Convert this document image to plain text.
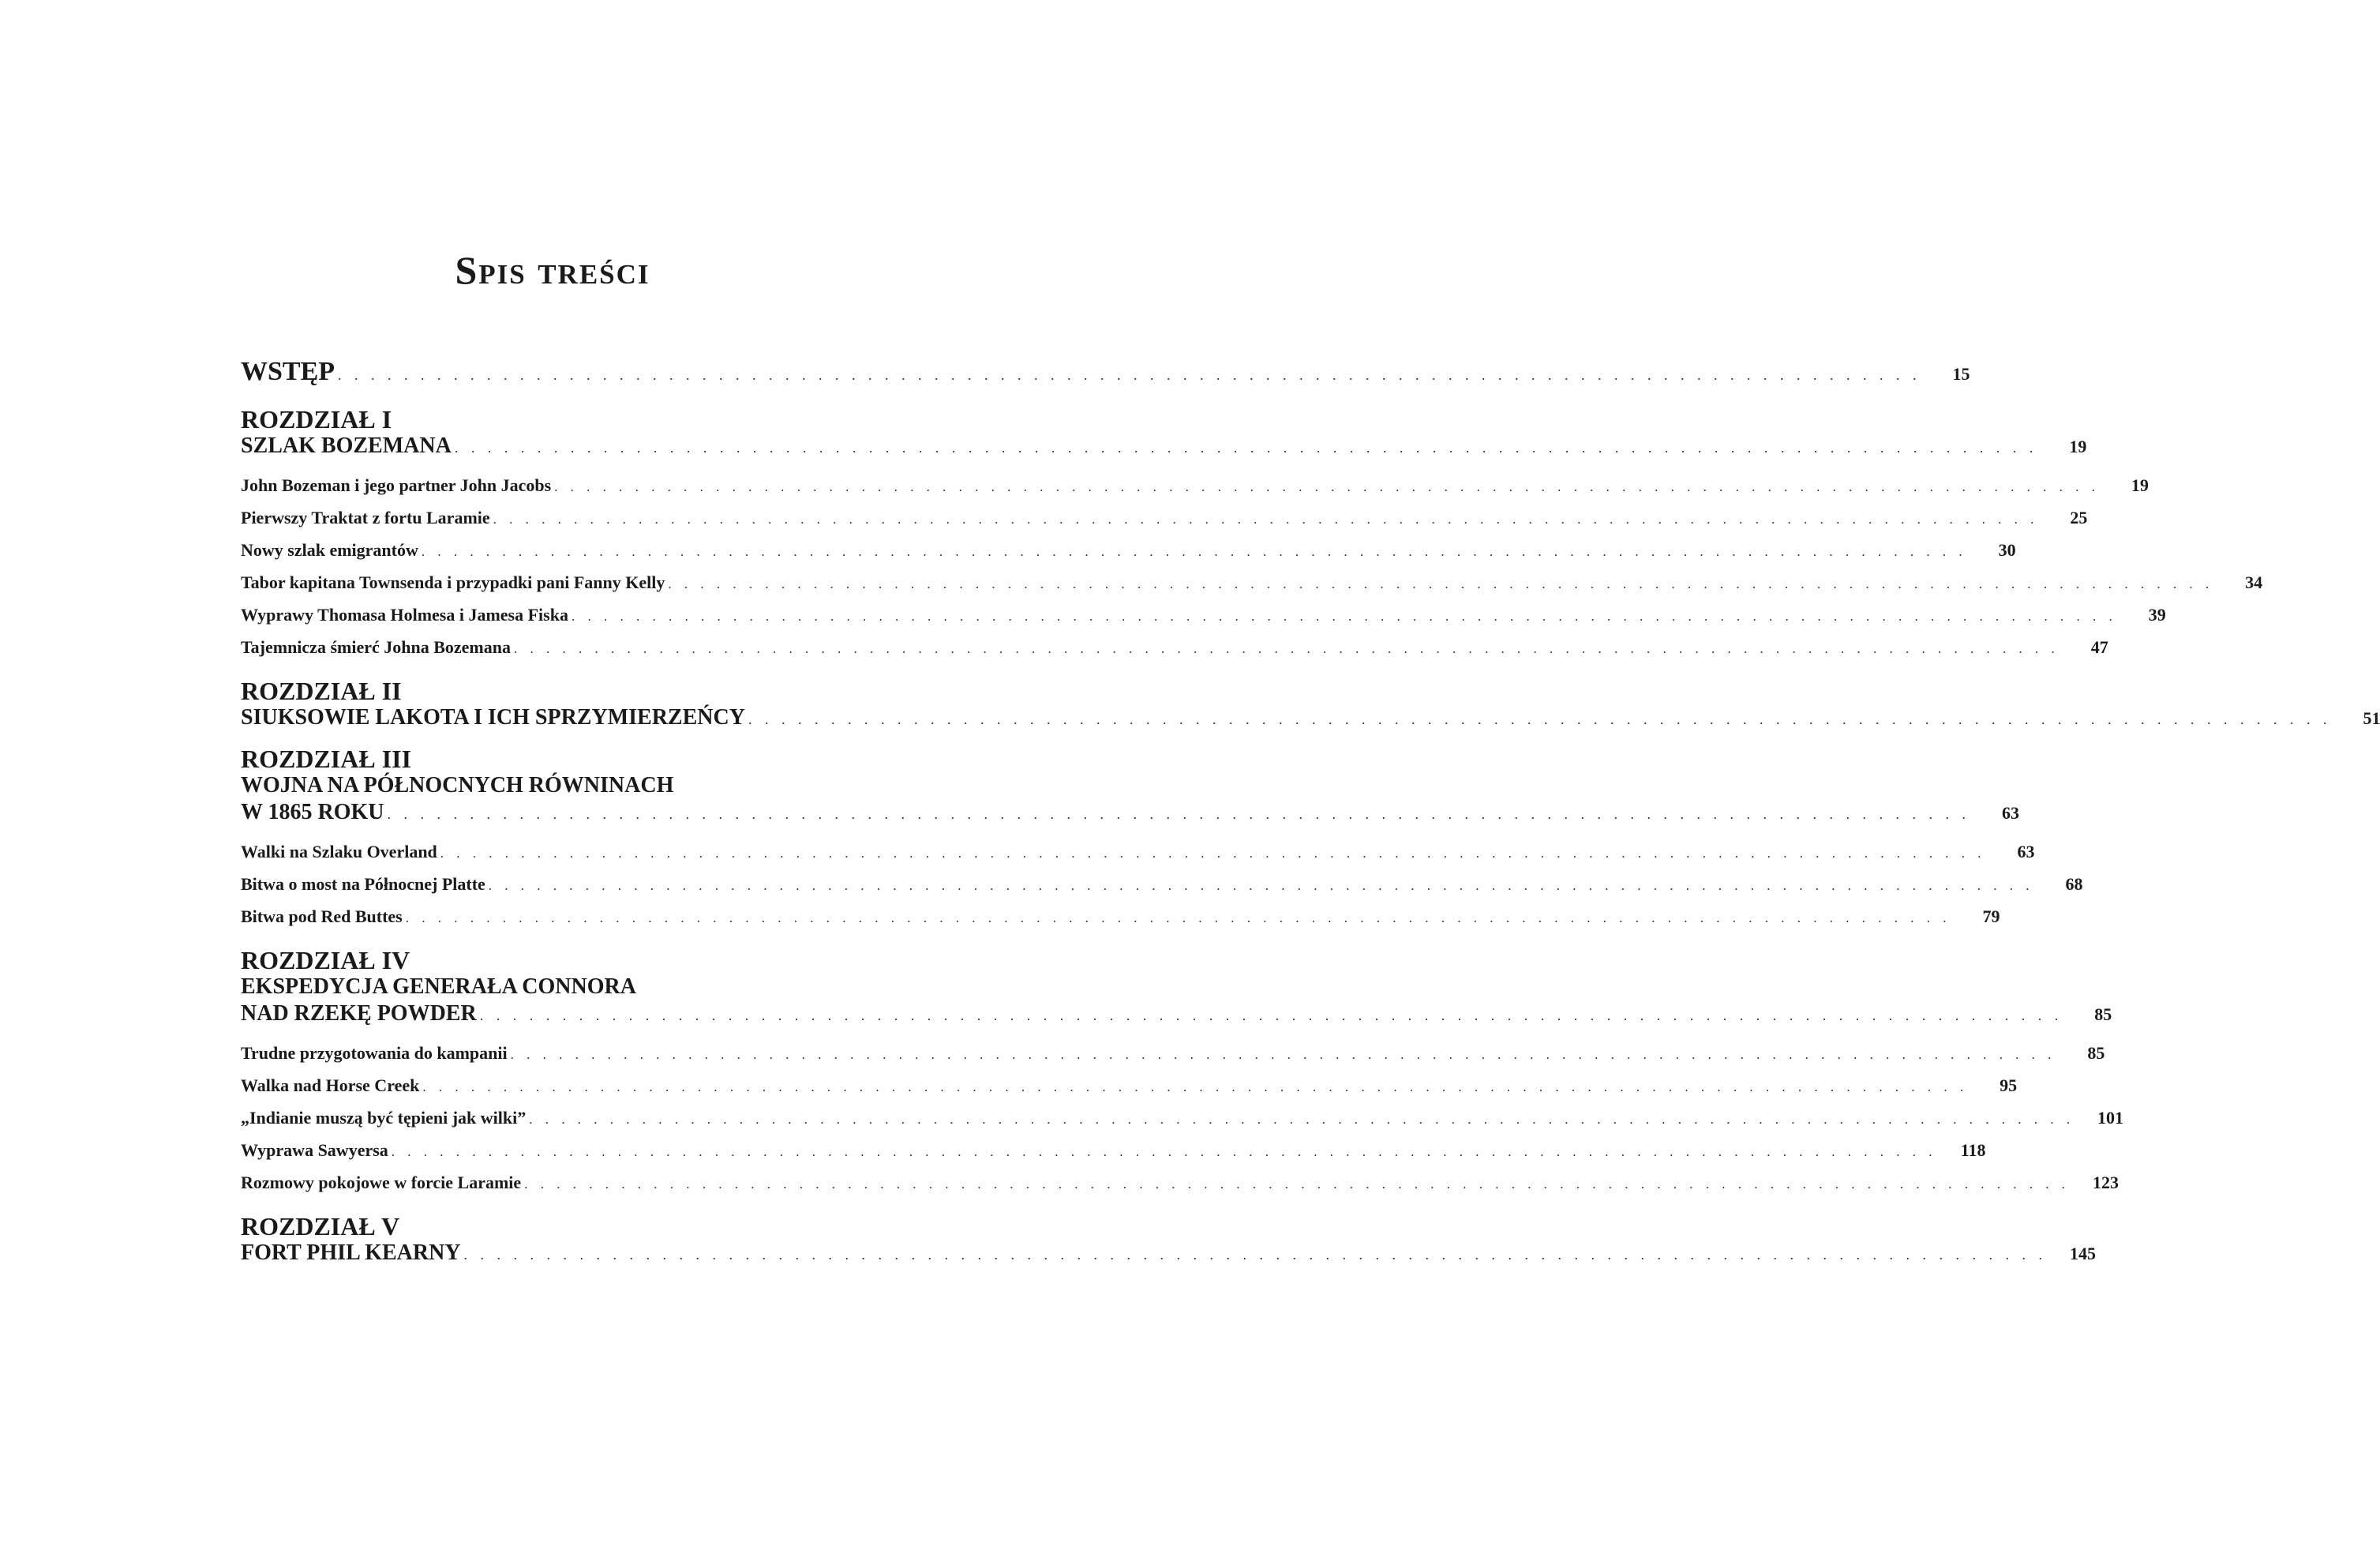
Spis treści
WSTĘP . . . . . . . . . . . . . . . . . . . . . . . . . . . . . . . . . . . . . . . . . . . . . . . . . . . . . . . . . . . . . . . . . . . . . . . . . . . . . . . . . . . . . . . . . . . . . . . .	15
ROZDZIAŁ I
SZLAK BOZEMANA . . . . . . . . . . . . . . . . . . . . . . . . . . . . . . . . . . . . . . . . . . . . . . . . . . . . . . . . . . . . . . . . . . . . . . . . . . . . . . . . . . . . . . . . . . . . . . . .	19
John Bozeman i jego partner John Jacobs . . . . . . . . . . . . . . . . . . . . . . . . . . . . . . . . . . . . . . . . . . . . . . . . . . . . . . . . . . . . . . . . . . . . . . . . . . . . . . . . . . . . . . . . . . . . . . . .	19
Pierwszy Traktat z fortu Laramie . . . . . . . . . . . . . . . . . . . . . . . . . . . . . . . . . . . . . . . . . . . . . . . . . . . . . . . . . . . . . . . . . . . . . . . . . . . . . . . . . . . . . . . . . . . . . . . .	25
Nowy szlak emigrantów . . . . . . . . . . . . . . . . . . . . . . . . . . . . . . . . . . . . . . . . . . . . . . . . . . . . . . . . . . . . . . . . . . . . . . . . . . . . . . . . . . . . . . . . . . . . . . . .	30
Tabor kapitana Townsenda i przypadki pani Fanny Kelly . . . . . . . . . . . . . . . . . . . . . . . . . . . . . . . . . . . . . . . . . . . . . . . . . . . . . . . . . . . . . . . . . . . . . . . . . . . . . . . . . . . . . . . . . . . . . . . .	34
Wyprawy Thomasa Holmesa i Jamesa Fiska . . . . . . . . . . . . . . . . . . . . . . . . . . . . . . . . . . . . . . . . . . . . . . . . . . . . . . . . . . . . . . . . . . . . . . . . . . . . . . . . . . . . . . . . . . . . . . . .	39
Tajemnicza śmierć Johna Bozemana . . . . . . . . . . . . . . . . . . . . . . . . . . . . . . . . . . . . . . . . . . . . . . . . . . . . . . . . . . . . . . . . . . . . . . . . . . . . . . . . . . . . . . . . . . . . . . . .	47
ROZDZIAŁ II
SIUKSOWIE LAKOTA I ICH SPRZYMIERZEŃCY . . . . . . . . . . . . . . . . . . . . . . . . . . . . . . . . . . . . . . . . . . . . . . . . . . . . . . . . . . . . . . . . . . . . . . . . . . . . . . . . . . . . . . . . . . . . . . . .	51
ROZDZIAŁ III
WOJNA NA PÓŁNOCNYCH RÓWNINACH
W 1865 ROKU . . . . . . . . . . . . . . . . . . . . . . . . . . . . . . . . . . . . . . . . . . . . . . . . . . . . . . . . . . . . . . . . . . . . . . . . . . . . . . . . . . . . . . . . . . . . . . . .	63
Walki na Szlaku Overland . . . . . . . . . . . . . . . . . . . . . . . . . . . . . . . . . . . . . . . . . . . . . . . . . . . . . . . . . . . . . . . . . . . . . . . . . . . . . . . . . . . . . . . . . . . . . . . .	63
Bitwa o most na Północnej Platte . . . . . . . . . . . . . . . . . . . . . . . . . . . . . . . . . . . . . . . . . . . . . . . . . . . . . . . . . . . . . . . . . . . . . . . . . . . . . . . . . . . . . . . . . . . . . . . .	68
Bitwa pod Red Buttes . . . . . . . . . . . . . . . . . . . . . . . . . . . . . . . . . . . . . . . . . . . . . . . . . . . . . . . . . . . . . . . . . . . . . . . . . . . . . . . . . . . . . . . . . . . . . . . .	79
ROZDZIAŁ IV
EKSPEDYCJA GENERAŁA CONNORA
NAD RZEKĘ POWDER . . . . . . . . . . . . . . . . . . . . . . . . . . . . . . . . . . . . . . . . . . . . . . . . . . . . . . . . . . . . . . . . . . . . . . . . . . . . . . . . . . . . . . . . . . . . . . . .	85
Trudne przygotowania do kampanii . . . . . . . . . . . . . . . . . . . . . . . . . . . . . . . . . . . . . . . . . . . . . . . . . . . . . . . . . . . . . . . . . . . . . . . . . . . . . . . . . . . . . . . . . . . . . . . .	85
Walka nad Horse Creek . . . . . . . . . . . . . . . . . . . . . . . . . . . . . . . . . . . . . . . . . . . . . . . . . . . . . . . . . . . . . . . . . . . . . . . . . . . . . . . . . . . . . . . . . . . . . . . .	95
„Indianie muszą być tępieni jak wilki” . . . . . . . . . . . . . . . . . . . . . . . . . . . . . . . . . . . . . . . . . . . . . . . . . . . . . . . . . . . . . . . . . . . . . . . . . . . . . . . . . . . . . . . . . . . . . . . .	101
Wyprawa Sawyersa . . . . . . . . . . . . . . . . . . . . . . . . . . . . . . . . . . . . . . . . . . . . . . . . . . . . . . . . . . . . . . . . . . . . . . . . . . . . . . . . . . . . . . . . . . . . . . . .	118
Rozmowy pokojowe w forcie Laramie . . . . . . . . . . . . . . . . . . . . . . . . . . . . . . . . . . . . . . . . . . . . . . . . . . . . . . . . . . . . . . . . . . . . . . . . . . . . . . . . . . . . . . . . . . . . . . . .	123
ROZDZIAŁ V
FORT PHIL KEARNY . . . . . . . . . . . . . . . . . . . . . . . . . . . . . . . . . . . . . . . . . . . . . . . . . . . . . . . . . . . . . . . . . . . . . . . . . . . . . . . . . . . . . . . . . . . . . . . .	145
